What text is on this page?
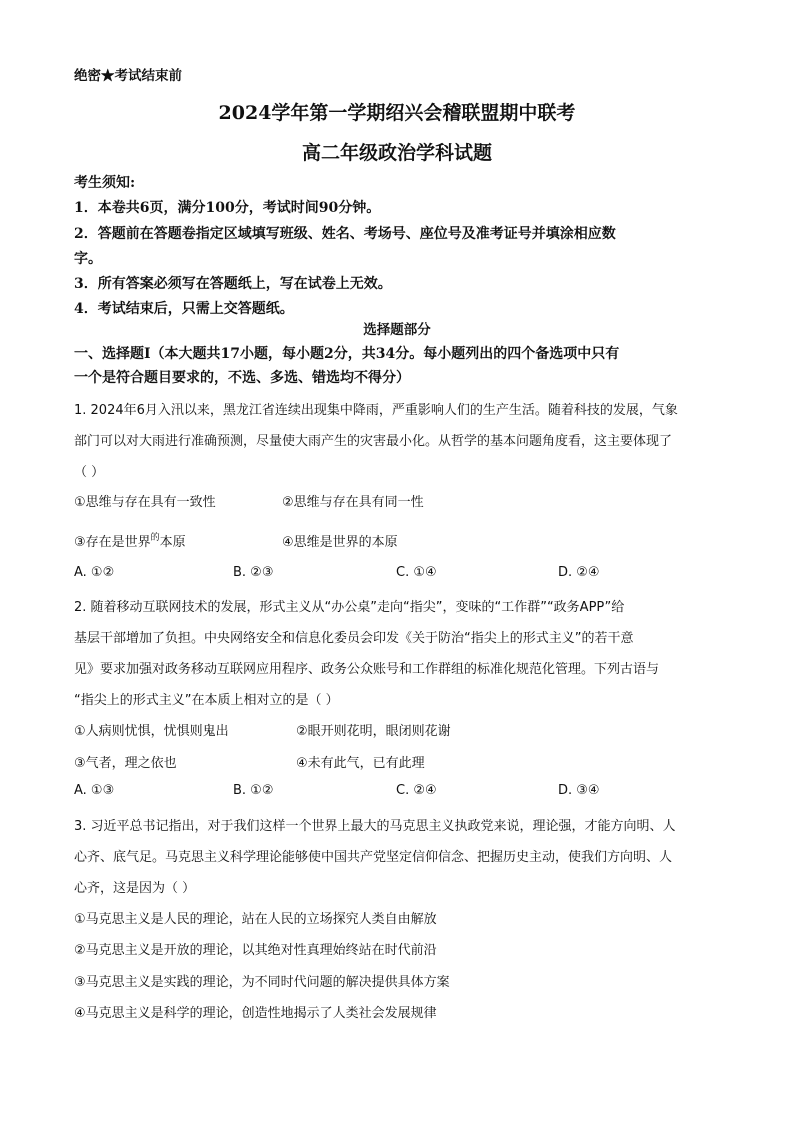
绝密★考试结束前
2024学年第一学期绍兴会稽联盟期中联考
高二年级政治学科试题
考生须知:
1．本卷共6页，满分100分，考试时间90分钟。
2．答题前在答题卷指定区域填写班级、姓名、考场号、座位号及准考证号并填涂相应数
字。
3．所有答案必须写在答题纸上，写在试卷上无效。
4．考试结束后，只需上交答题纸。
选择题部分
一、选择题Ⅰ（本大题共17小题，每小题2分，共34分。每小题列出的四个备选项中只有
一个是符合题目要求的，不选、多选、错选均不得分）
1. 2024年6月入汛以来，黑龙江省连续出现集中降雨，严重影响人们的生产生活。随着科技的发展，气象
部门可以对大雨进行准确预测，尽量使大雨产生的灾害最小化。从哲学的基本问题角度看，这主要体现了
（ ）
①思维与存在具有一致性	②思维与存在具有同一性
③存在是世界$^的$本原	④思维是世界的本原
A. ①②	B. ②③	C. ①④	D. ②④
2. 随着移动互联网技术的发展，形式主义从“办公桌”走向“指尖”，变味的“工作群”“政务APP”给
基层干部增加了负担。中央网络安全和信息化委员会印发《关于防治“指尖上的形式主义”的若干意
见》要求加强对政务移动互联网应用程序、政务公众账号和工作群组的标准化规范化管理。下列古语与
“指尖上的形式主义”在本质上相对立的是（ ）
①人病则忧惧，忧惧则鬼出	②眼开则花明，眼闭则花谢
③气者，理之依也	④未有此气，已有此理
A. ①③	B. ①②	C. ②④	D. ③④
3. 习近平总书记指出，对于我们这样一个世界上最大的马克思主义执政党来说，理论强，才能方向明、人
心齐、底气足。马克思主义科学理论能够使中国共产党坚定信仰信念、把握历史主动，使我们方向明、人
心齐，这是因为（ ）
①马克思主义是人民的理论，站在人民的立场探究人类自由解放
②马克思主义是开放的理论，以其绝对性真理始终站在时代前沿
③马克思主义是实践的理论，为不同时代问题的解决提供具体方案
④马克思主义是科学的理论，创造性地揭示了人类社会发展规律
